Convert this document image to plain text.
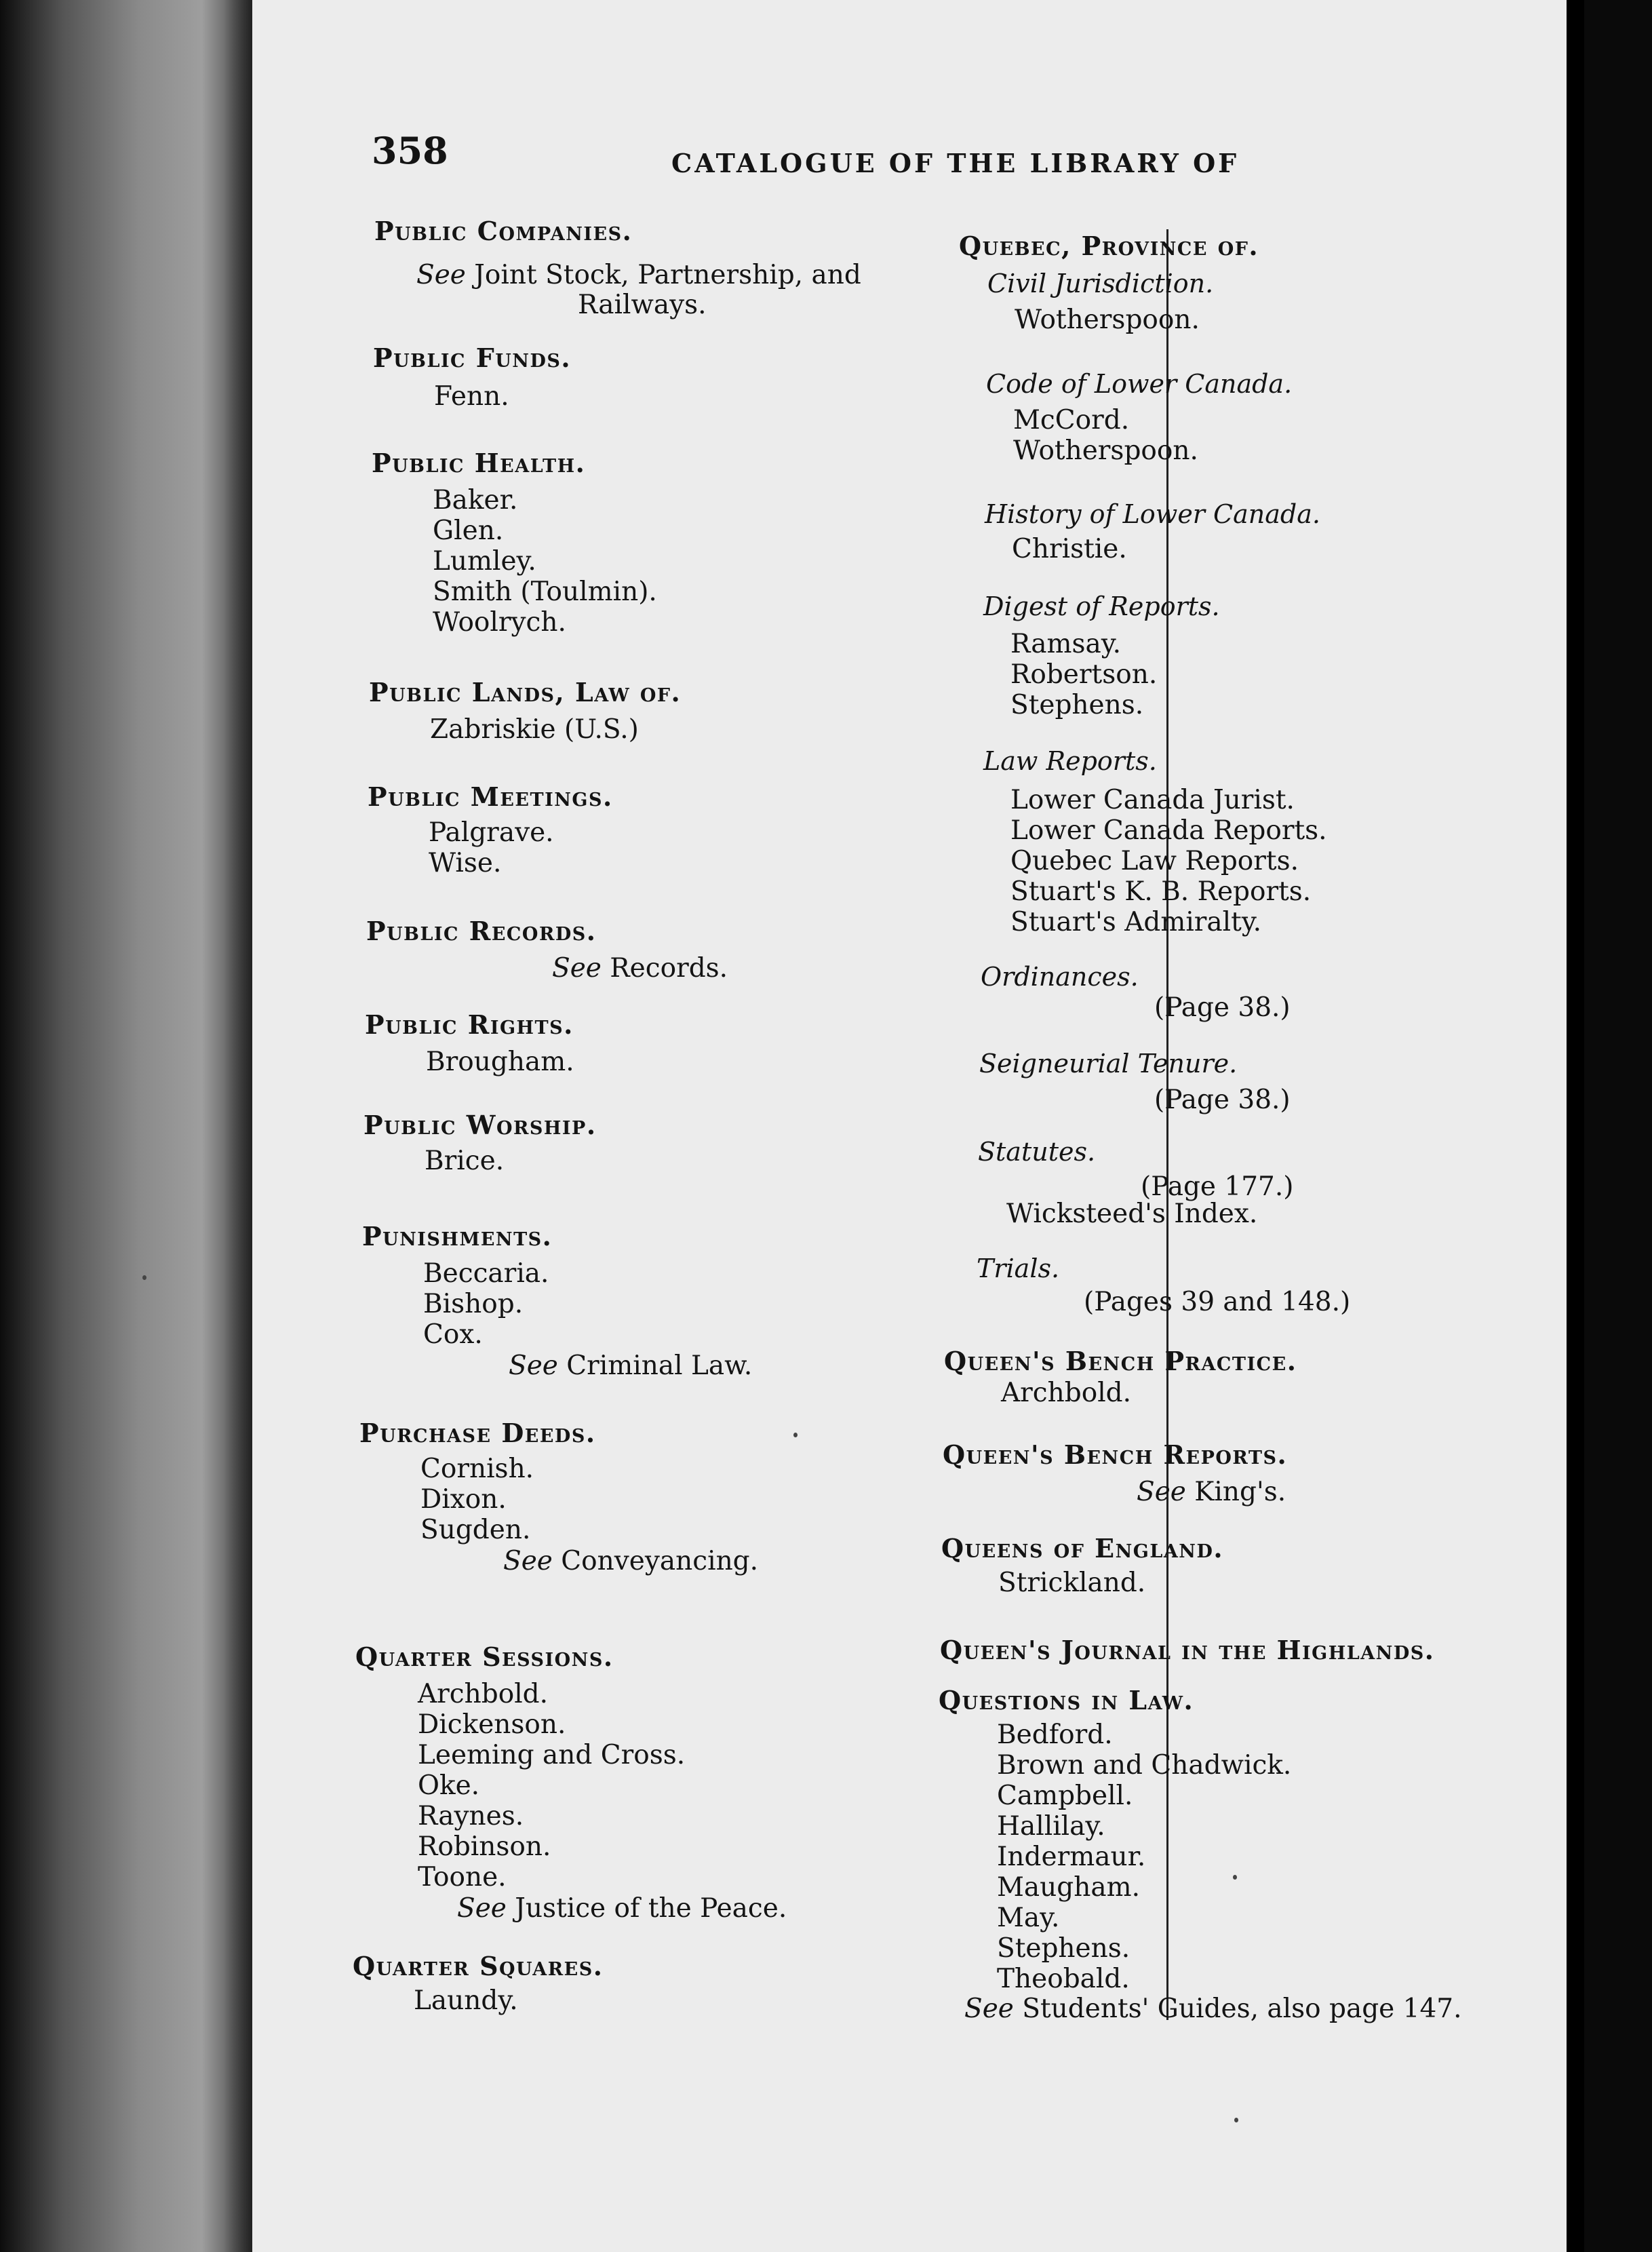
358	CATALOGUE OF THE LIBRARY OF
Public Companies.
See Joint Stock, Partnership, and
Railways.
Public Funds.
Fenn.
Public Health.
Baker.
Glen.
Lumley.
Smith (Toulmin).
Woolrych.
Public Lands, Law of.
Zabriskie (U.S.)
Public Meetings.
Palgrave.
Wise.
Public Records.
See Records.
Public Rights.
Brougham.
Public Worship.
Brice.
Punishments.
Beccaria.
Bishop.
Cox.
See Criminal Law.
Purchase Deeds.
Cornish.
Dixon.
Sugden.
See Conveyancing.
Quarter Sessions.
Archbold.
Dickenson.
Leeming and Cross.
Oke.
Raynes.
Robinson.
Toone.
See Justice of the Peace.
Quarter Squares.
Laundy.
Quebec, Province of.
Civil Jurisdiction.
Wotherspoon.
Code of Lower Canada.
McCord.
Wotherspoon.
History of Lower Canada.
Christie.
Digest of Reports.
Ramsay.
Robertson.
Stephens.
Law Reports.
Lower Canada Jurist.
Lower Canada Reports.
Quebec Law Reports.
Stuart's K. B. Reports.
Stuart's Admiralty.
Ordinances.
(Page 38.)
Seigneurial Tenure.
(Page 38.)
Statutes.
(Page 177.)
Wicksteed's Index.
Trials.
(Pages 39 and 148.)
Queen's Bench Practice.
Archbold.
Queen's Bench Reports.
See King's.
Queens of England.
Strickland.
Queen's Journal in the Highlands.
Questions in Law.
Bedford.
Brown and Chadwick.
Campbell.
Hallilay.
Indermaur.
Maugham.
May.
Stephens.
Theobald.
See Students' Guides, also page 147.
